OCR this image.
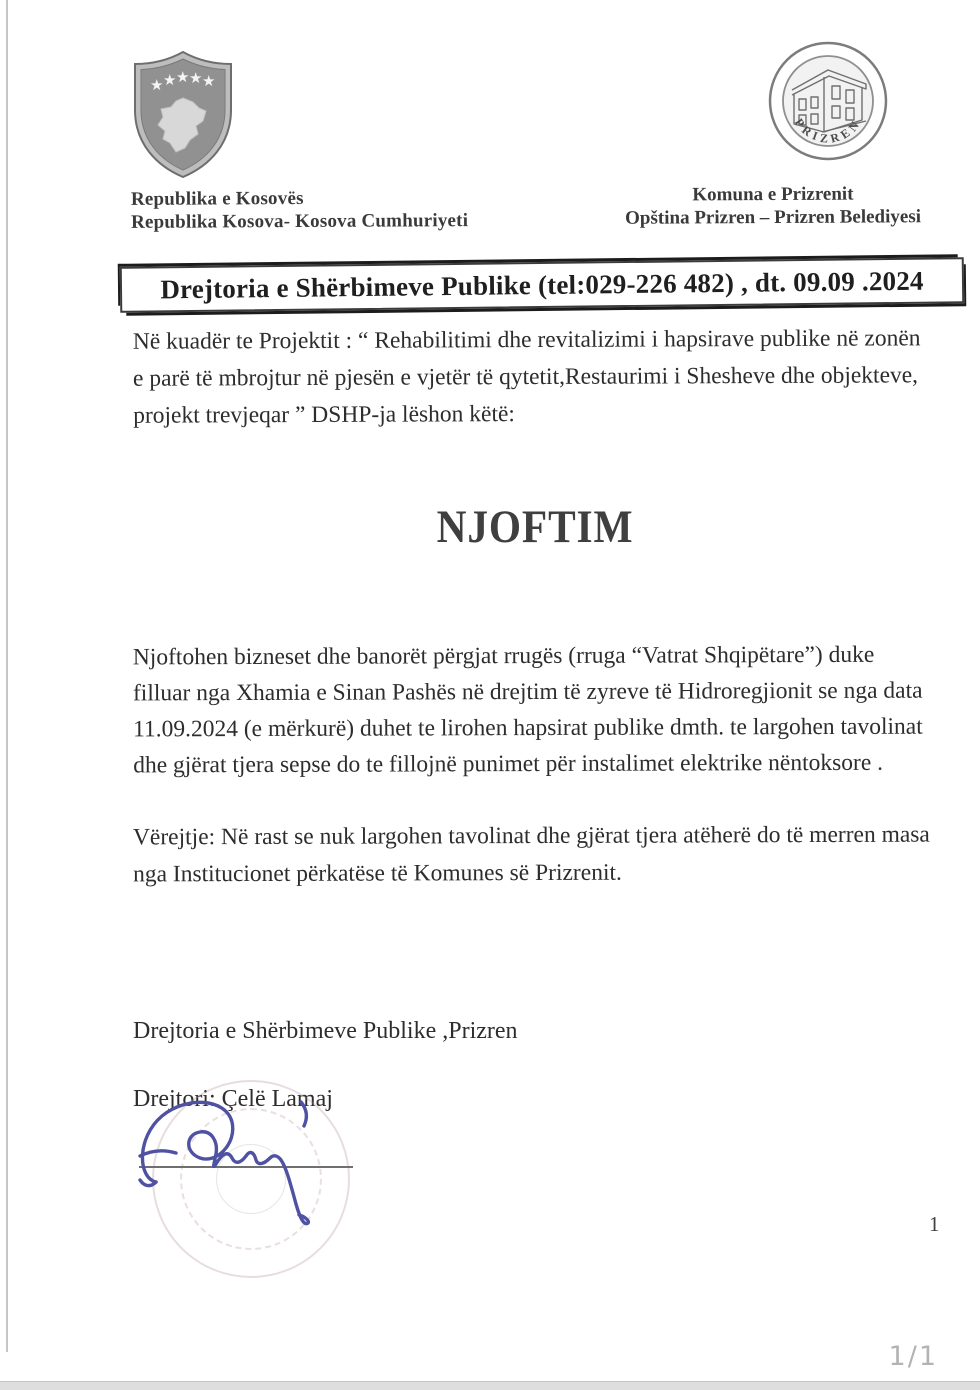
★ ★ ★ ★ ★
PRIZREN
Republika e Kosovës
Republika Kosova- Kosova Cumhuriyeti
Komuna e Prizrenit
Opština Prizren – Prizren Belediyesi
Drejtoria e Shërbimeve Publike (tel:029-226 482) , dt. 09.09 .2024

Në kuadër te Projektit : “ Rehabilitimi dhe revitalizimi i hapsirave publike në zonën e parë të mbrojtur në pjesën e vjetër të qytetit,Restaurimi i Shesheve dhe objekteve, projekt trevjeqar ” DSHP-ja lëshon këtë:

NJOFTIM

Njoftohen bizneset dhe banorët përgjat rrugës (rruga “Vatrat Shqipëtare”) duke filluar nga Xhamia e Sinan Pashës në drejtim të zyreve të Hidroregjionit se nga data 11.09.2024 (e mërkurë) duhet te lirohen hapsirat publike dmth. te largohen tavolinat dhe gjërat tjera sepse do te fillojnë punimet për instalimet elektrike nëntoksore .

Vërejtje: Në rast se nuk largohen tavolinat dhe gjërat tjera atëherë do të merren masa nga Institucionet përkatëse të Komunes së Prizrenit.

Drejtoria e Shërbimeve Publike ,Prizren
Drejtori: Çelë Lamaj
1
1/1
